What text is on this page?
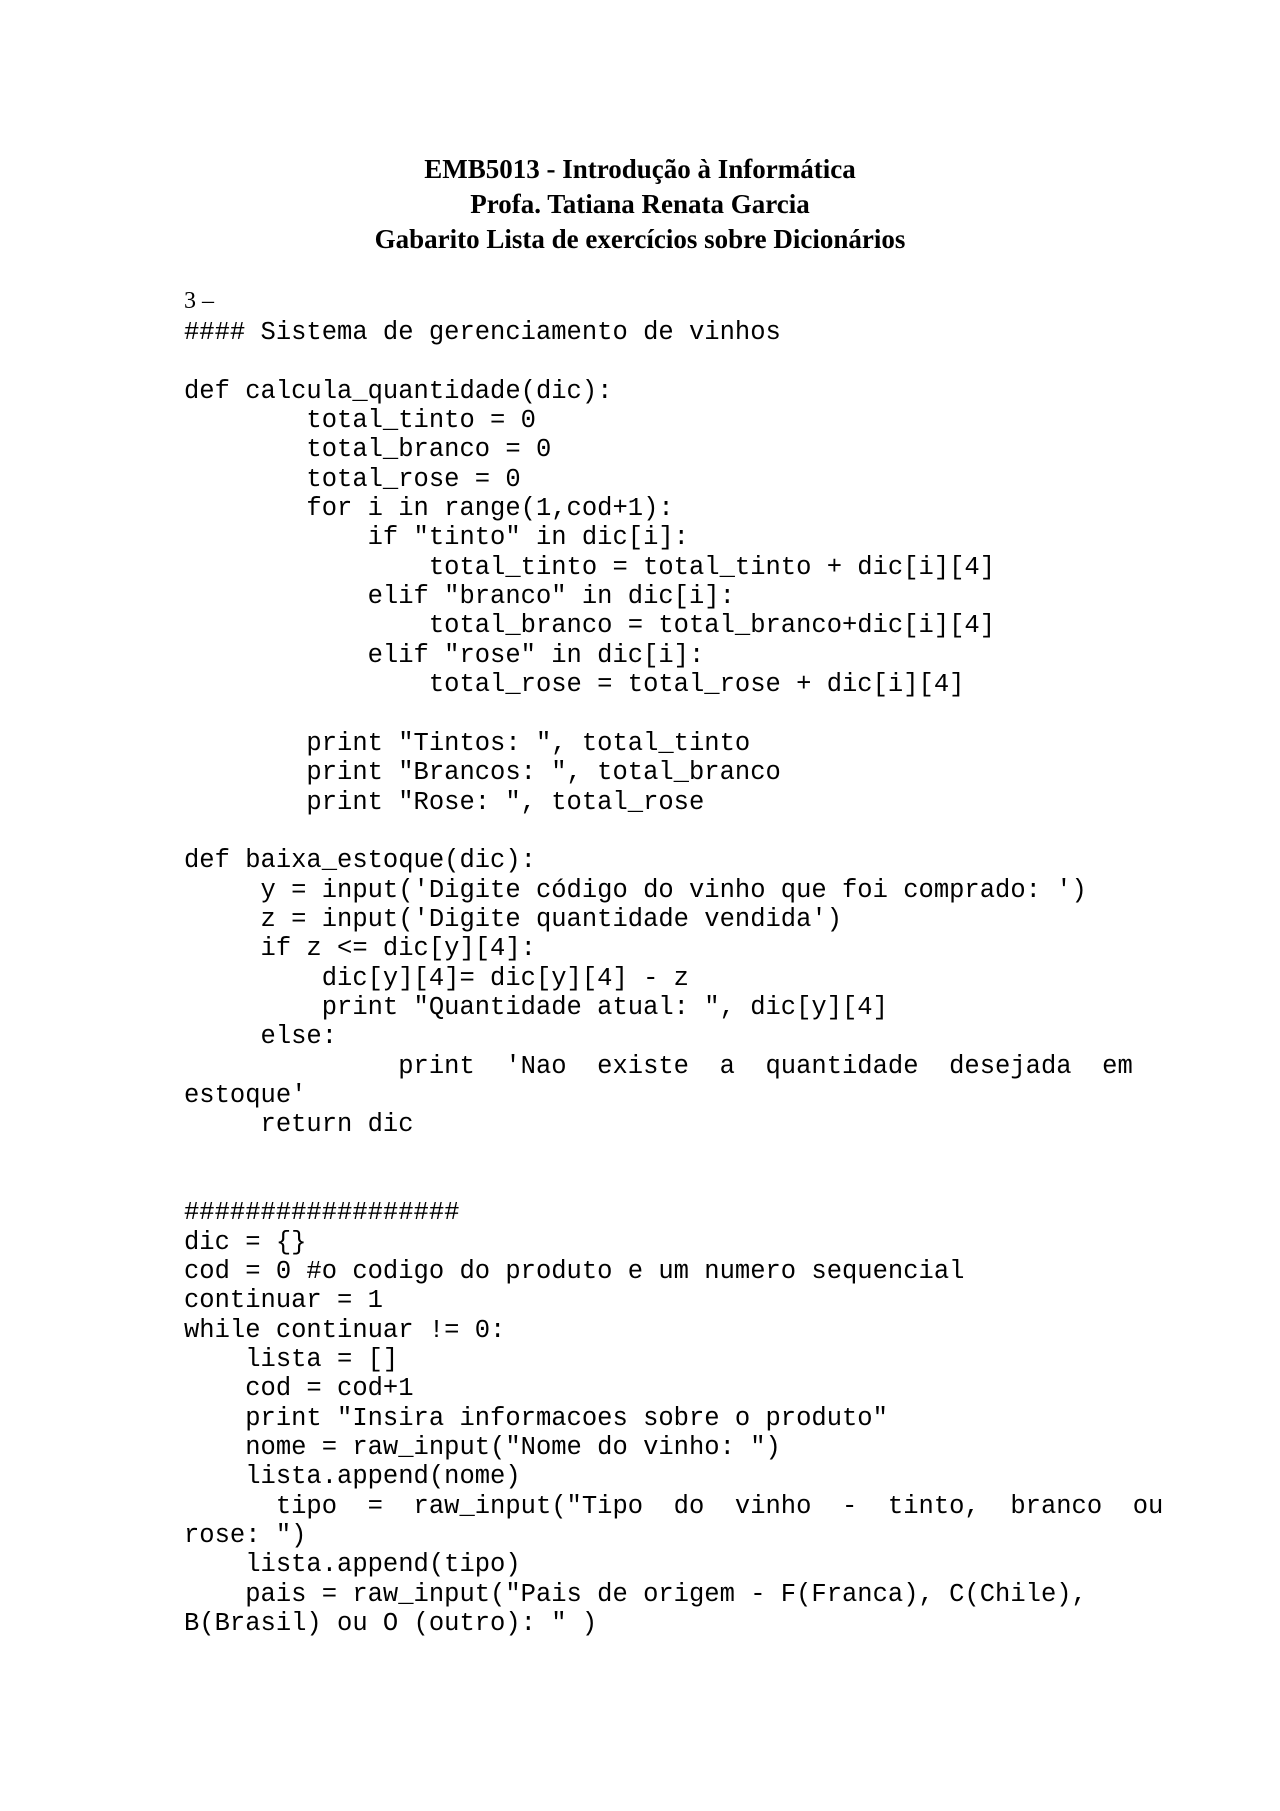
EMB5013 - Introdução à Informática
Profa. Tatiana Renata Garcia
Gabarito Lista de exercícios sobre Dicionários
3 –
#### Sistema de gerenciamento de vinhos
def calcula_quantidade(dic):
total_tinto = 0
total_branco = 0
total_rose = 0
for i in range(1,cod+1):
if "tinto" in dic[i]:
total_tinto = total_tinto + dic[i][4]
elif "branco" in dic[i]:
total_branco = total_branco+dic[i][4]
elif "rose" in dic[i]:
total_rose = total_rose + dic[i][4]
print "Tintos: ", total_tinto
print "Brancos: ", total_branco
print "Rose: ", total_rose
def baixa_estoque(dic):
y = input('Digite código do vinho que foi comprado: ')
z = input('Digite quantidade vendida')
if z <= dic[y][4]:
dic[y][4]= dic[y][4] - z
print "Quantidade atual: ", dic[y][4]
else:
print  'Nao  existe  a  quantidade  desejada  em
estoque'
return dic
##################
dic = {}
cod = 0 #o codigo do produto e um numero sequencial
continuar = 1
while continuar != 0:
lista = []
cod = cod+1
print "Insira informacoes sobre o produto"
nome = raw_input("Nome do vinho: ")
lista.append(nome)
tipo  =  raw_input("Tipo  do  vinho  -  tinto,  branco  ou
rose: ")
lista.append(tipo)
pais = raw_input("Pais de origem - F(Franca), C(Chile),
B(Brasil) ou O (outro): " )
